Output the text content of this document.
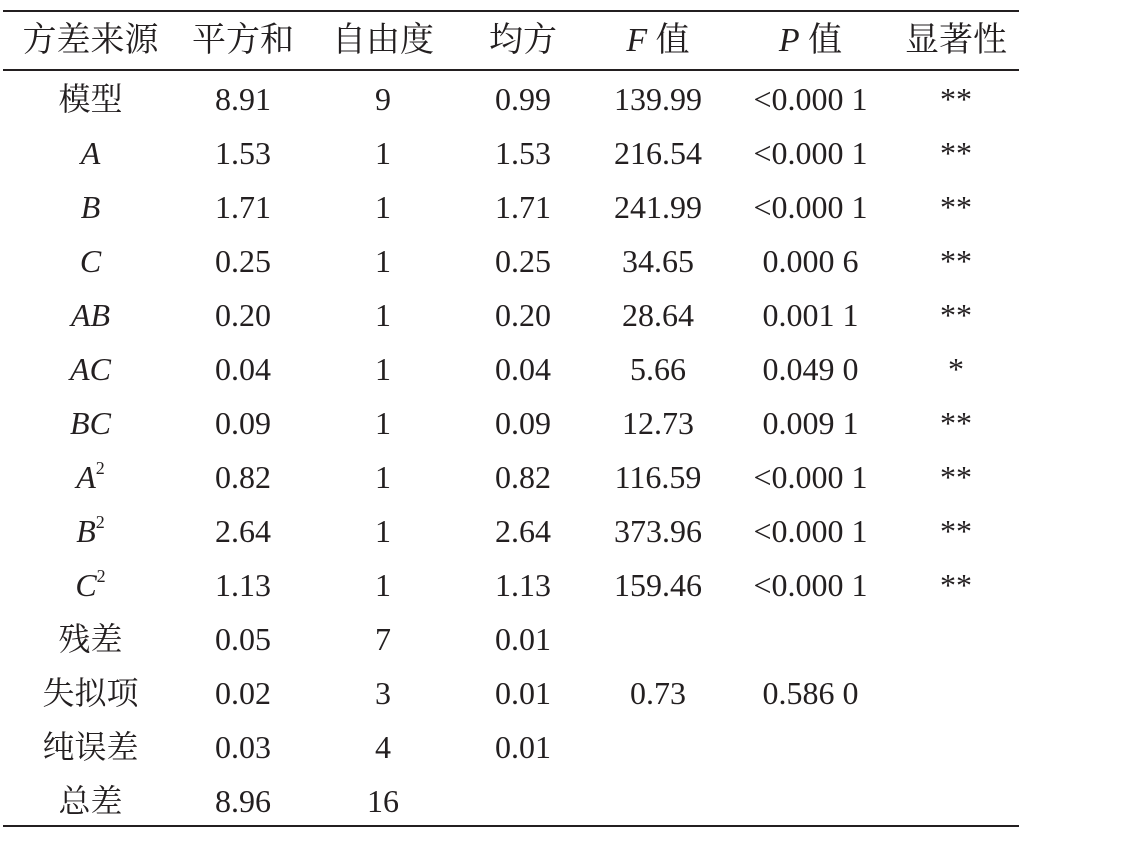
方差来源 平方和	自由度	均方	F 值	P 值	显著性
模型	8.91	9	0.99	139.99	<0.000 1	**
A	1.53	1	1.53	216.54	<0.000 1	**
B	1.71	1	1.71	241.99	<0.000 1	**
C	0.25	1	0.25	34.65	0.000 6	**
AB	0.20	1	0.20	28.64	0.001 1	**
AC	0.04	1	0.04	5.66	0.049 0	*
BC	0.09	1	0.09	12.73	0.009 1	**
$A^2$	0.82	1	0.82	116.59	<0.000 1	**
$B^2$	2.64	1	2.64	373.96	<0.000 1	**
$C^2$	1.13	1	1.13	159.46	<0.000 1	**
残差	0.05	7	0.01
失拟项	0.02	3	0.01	0.73	0.586 0
纯误差	0.03	4	0.01
总差	8.96	16
